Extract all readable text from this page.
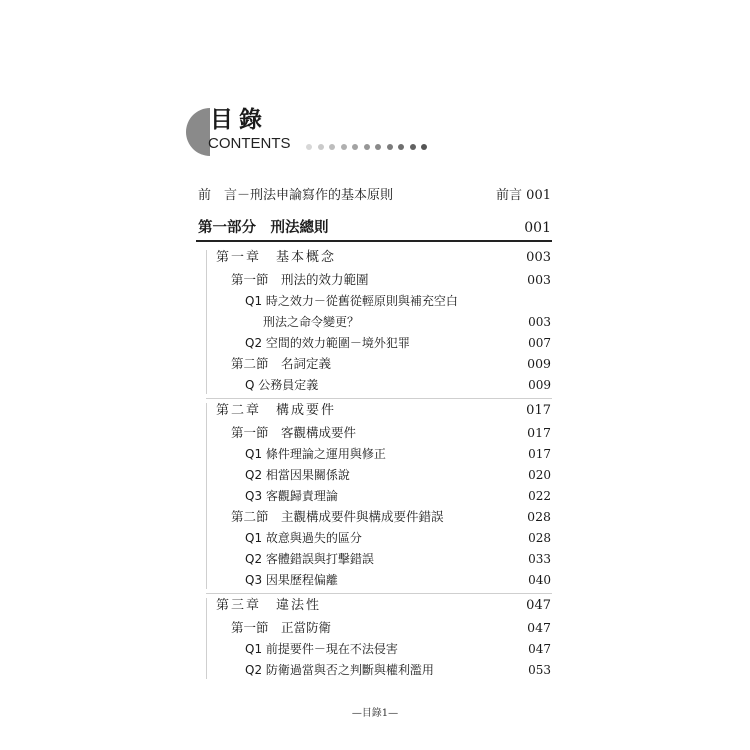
目錄
CONTENTS
前　言－刑法申論寫作的基本原則	前言 001
第一部分　刑法總則	001
第一章　基本概念	003
第一節　刑法的效力範圍	003
Q1 時之效力－從舊從輕原則與補充空白
刑法之命令變更？	003
Q2 空間的效力範圍－境外犯罪	007
第二節　名詞定義	009
Q 公務員定義	009
第二章　構成要件	017
第一節　客觀構成要件	017
Q1 條件理論之運用與修正	017
Q2 相當因果關係說	020
Q3 客觀歸責理論	022
第二節　主觀構成要件與構成要件錯誤	028
Q1 故意與過失的區分	028
Q2 客體錯誤與打擊錯誤	033
Q3 因果歷程偏離	040
第三章　違法性	047
第一節　正當防衛	047
Q1 前提要件－現在不法侵害	047
Q2 防衛過當與否之判斷與權利濫用	053
—目錄1—
